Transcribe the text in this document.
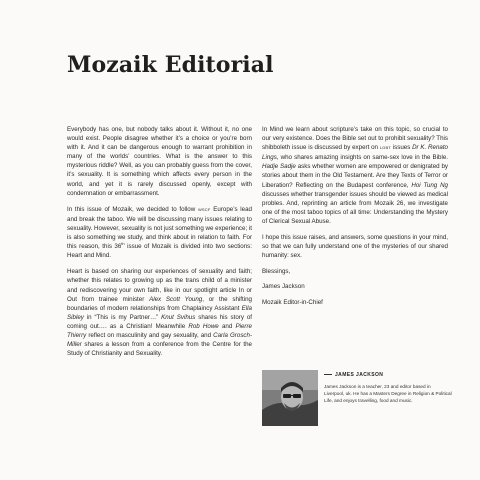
Mozaik Editorial

Everybody has one, but nobody talks about it. Without it, no one would exist. People disagree whether it’s a choice or you’re born with it. And it can be dangerous enough to warrant prohibition in many of the worlds’ countries. What is the answer to this mysterious riddle? Well, as you can probably guess from the cover, it’s sexuality. It is something which affects every person in the world, and yet it is rarely discussed openly, except with condemnation or embarrassment.

In this issue of Mozaik, we decided to follow wscf Europe’s lead and break the taboo. We will be discussing many issues relating to sexuality. However, sexuality is not just something we experience; it is also something we study, and think about in relation to faith. For this reason, this 36th issue of Mozaik is divided into two sections: Heart and Mind.

Heart is based on sharing our experiences of sexuality and faith; whether this relates to growing up as the trans child of a minister and rediscovering your own faith, like in our spotlight article In or Out from trainee minister Alex Scott Young, or the shifting boundaries of modern relationships from Chaplaincy Assistant Ella Sibley in “This is my Partner…” Knut Svihus shares his story of coming out…. as a Christian! Meanwhile Rob Howe and Pierre Thierry reflect on masculinity and gay sexuality, and Carla Grosch-Miller shares a lesson from a conference from the Centre for the Study of Christianity and Sexuality.

In Mind we learn about scripture’s take on this topic, so crucial to our very existence. Does the Bible set out to prohibit sexuality? This shibboleth issue is discussed by expert on lgbt issues Dr K. Renato Lings, who shares amazing insights on same-sex love in the Bible. Hadje Sadje asks whether women are empowered or denigrated by stories about them in the Old Testament. Are they Texts of Terror or Liberation? Reflecting on the Budapest conference, Hoi Tung Ng discusses whether transgender issues should be viewed as medical probles. And, reprinting an article from Mozaik 26, we investigate one of the most taboo topics of all time: Understanding the Mystery of Clerical Sexual Abuse.

I hope this issue raises, and answers, some questions in your mind, so that we can fully understand one of the mysteries of our shared humanity: sex.

Blessings,

James Jackson

Mozaik Editor-in-Chief

JAMES JACKSON
James Jackson is a teacher, 23 and editor based in Liverpool, uk. He has a Masters Degree in Religion & Political Life, and enjoys travelling, food and music.
